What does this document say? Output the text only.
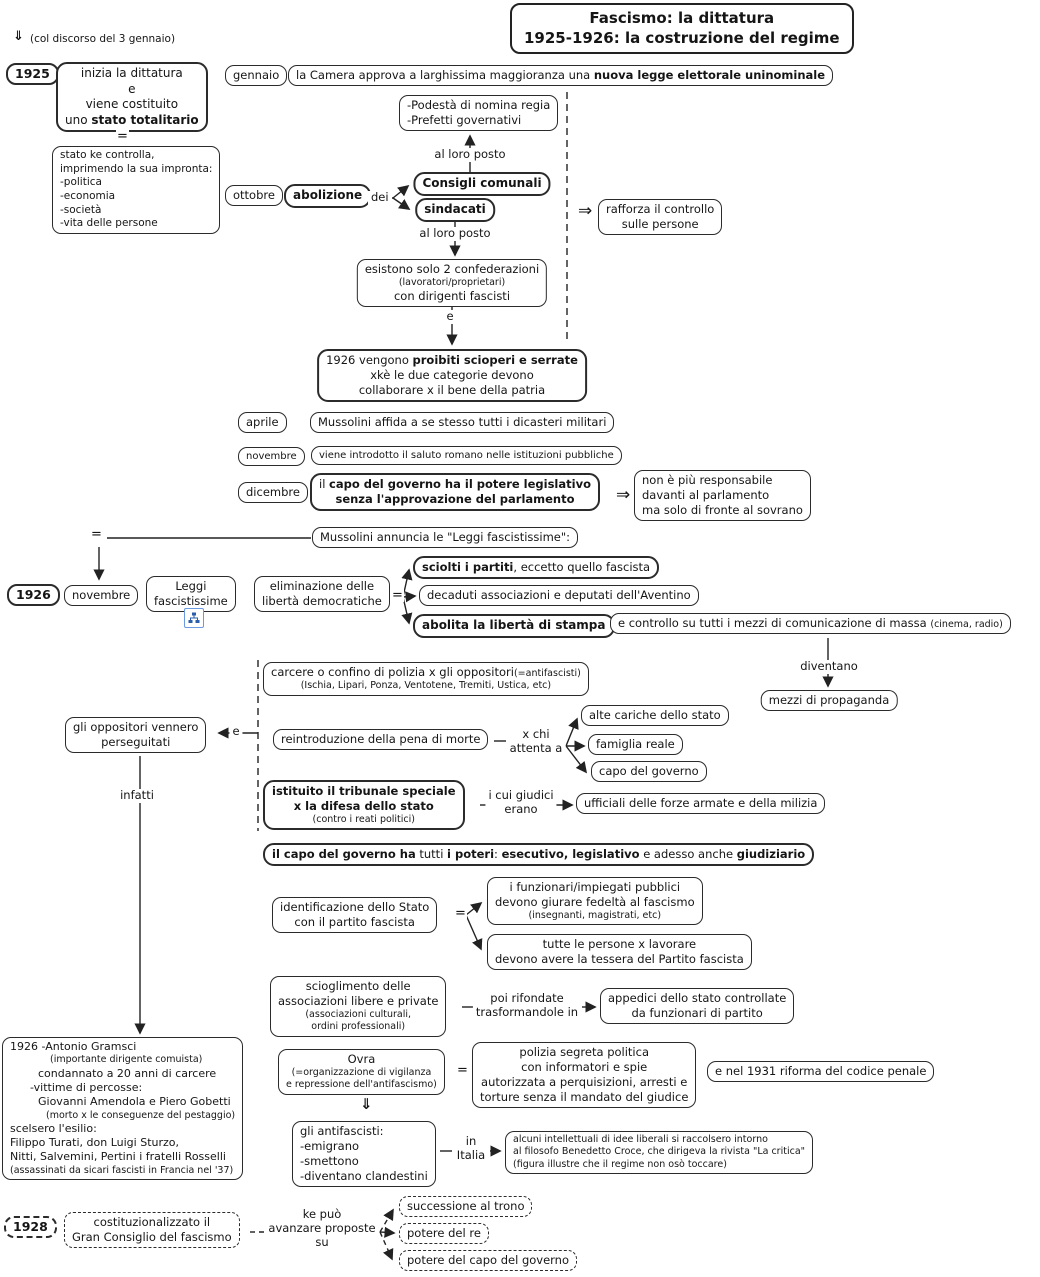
⇓ (col discorso del 3 gennaio)
Fascismo: la dittatura
1925-1926: la costruzione del regime
1925	inizia la dittatura
e
viene costituito
uno stato totalitario
=
stato ke controlla,
imprimendo la sua impronta:
-politica
-economia
-società
-vita delle persone
gennaio	la Camera approva a larghissima maggioranza una nuova legge elettorale uninominale
-Podestà di nomina regia
-Prefetti governativi
al loro posto
Consigli comunali
sindacati
ottobre	abolizione dei
al loro posto
esistono solo 2 confederazioni
(lavoratori/proprietari)
con dirigenti fascisti
e
1926 vengono proibiti scioperi e serrate
xkè le due categorie devono
collaborare x il bene della patria
⇒ rafforza il controllo
sulle persone
aprile	Mussolini affida a se stesso tutti i dicasteri militari
novembre	viene introdotto il saluto romano nelle istituzioni pubbliche
dicembre
il capo del governo ha il potere legislativo
senza l'approvazione del parlamento	⇒
non è più responsabile
davanti al parlamento
ma solo di fronte al sovrano
Mussolini annuncia le "Leggi fascistissime":
=
1926	novembre
Leggi
fascistissime
eliminazione delle
libertà democratiche =
sciolti i partiti, eccetto quello fascista
decaduti associazioni e deputati dell'Aventino
abolita la libertà di stampa	e controllo su tutti i mezzi di comunicazione di massa (cinema, radio)
diventano
mezzi di propaganda
carcere o confino di polizia x gli oppositori(=antifascisti)
(Ischia, Lipari, Ponza, Ventotene, Tremiti, Ustica, etc)
gli oppositori vennero
perseguitati
e
reintroduzione della pena di morte	x chi
attenta a
alte cariche dello stato
famiglia reale
capo del governo
istituito il tribunale speciale
x la difesa dello stato
(contro i reati politici)
i cui giudici
erano	ufficiali delle forze armate e della milizia
infatti
il capo del governo ha tutti i poteri: esecutivo, legislativo e adesso anche giudiziario
identificazione dello Stato
con il partito fascista
=
i funzionari/impiegati pubblici
devono giurare fedeltà al fascismo
(insegnanti, magistrati, etc)
tutte le persone x lavorare
devono avere la tessera del Partito fascista
scioglimento delle
associazioni libere e private
(associazioni culturali,
ordini professionali)
poi rifondate
trasformandole in
appedici dello stato controllate
da funzionari di partito
Ovra
(=organizzazione di vigilanza
e repressione dell'antifascismo)
=
polizia segreta politica
con informatori e spie
autorizzata a perquisizioni, arresti e
torture senza il mandato del giudice
e nel 1931 riforma del codice penale
⇓
1926 -Antonio Gramsci
(importante dirigente comuista)
condannato a 20 anni di carcere
-vittime di percosse:
Giovanni Amendola e Piero Gobetti
(morto x le conseguenze del pestaggio)
scelsero l'esilio:
Filippo Turati, don Luigi Sturzo,
Nitti, Salvemini, Pertini i fratelli Rosselli
(assassinati da sicari fascisti in Francia nel '37)
gli antifascisti:
-emigrano
-smettono
-diventano clandestini
in
Italia
alcuni intellettuali di idee liberali si raccolsero intorno
al filosofo Benedetto Croce, che dirigeva la rivista "La critica"
(figura illustre che il regime non osò toccare)
1928	costituzionalizzato il
Gran Consiglio del fascismo
ke può
avanzare proposte
su
successione al trono
potere del re
potere del capo del governo
